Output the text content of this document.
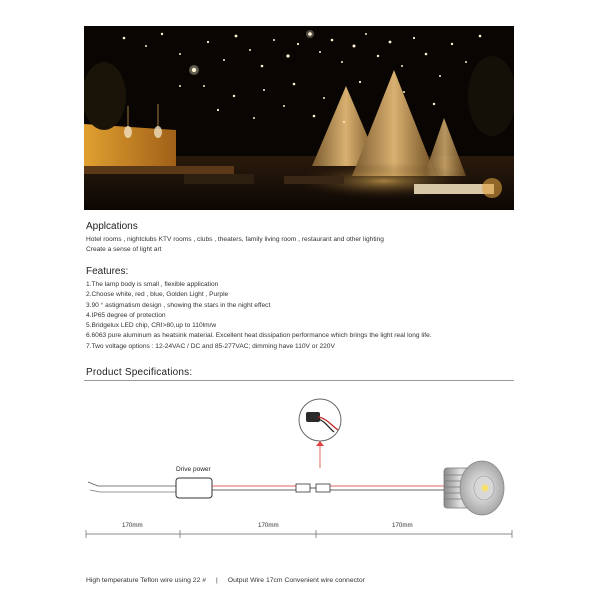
Applcations
Hotel rooms , nightclubs KTV rooms , clubs , theaters, family living room , restaurant and other lighting
Create a sense of light art
Features:
1.The lamp body is small , flexible application
2.Choose white, red , blue, Golden Light , Purple
3.90 ° astigmatism design , showing the stars in the night effect
4.IP65 degree of protection
5.Bridgelux LED chip, CRI>80,up to 110lm/w
6.6063 pure aluminum as heatsink material. Excellent heat dissipation performance which brings the light real long life.
7.Two voltage options : 12-24VAC / DC and 85-277VAC; dimming have 110V or 220V
Product Specifications:
Drive power
170mm	170mm	170mm
High temperature Teflon wire using 22 # | Output Wire 17cm Convenient wire connector
